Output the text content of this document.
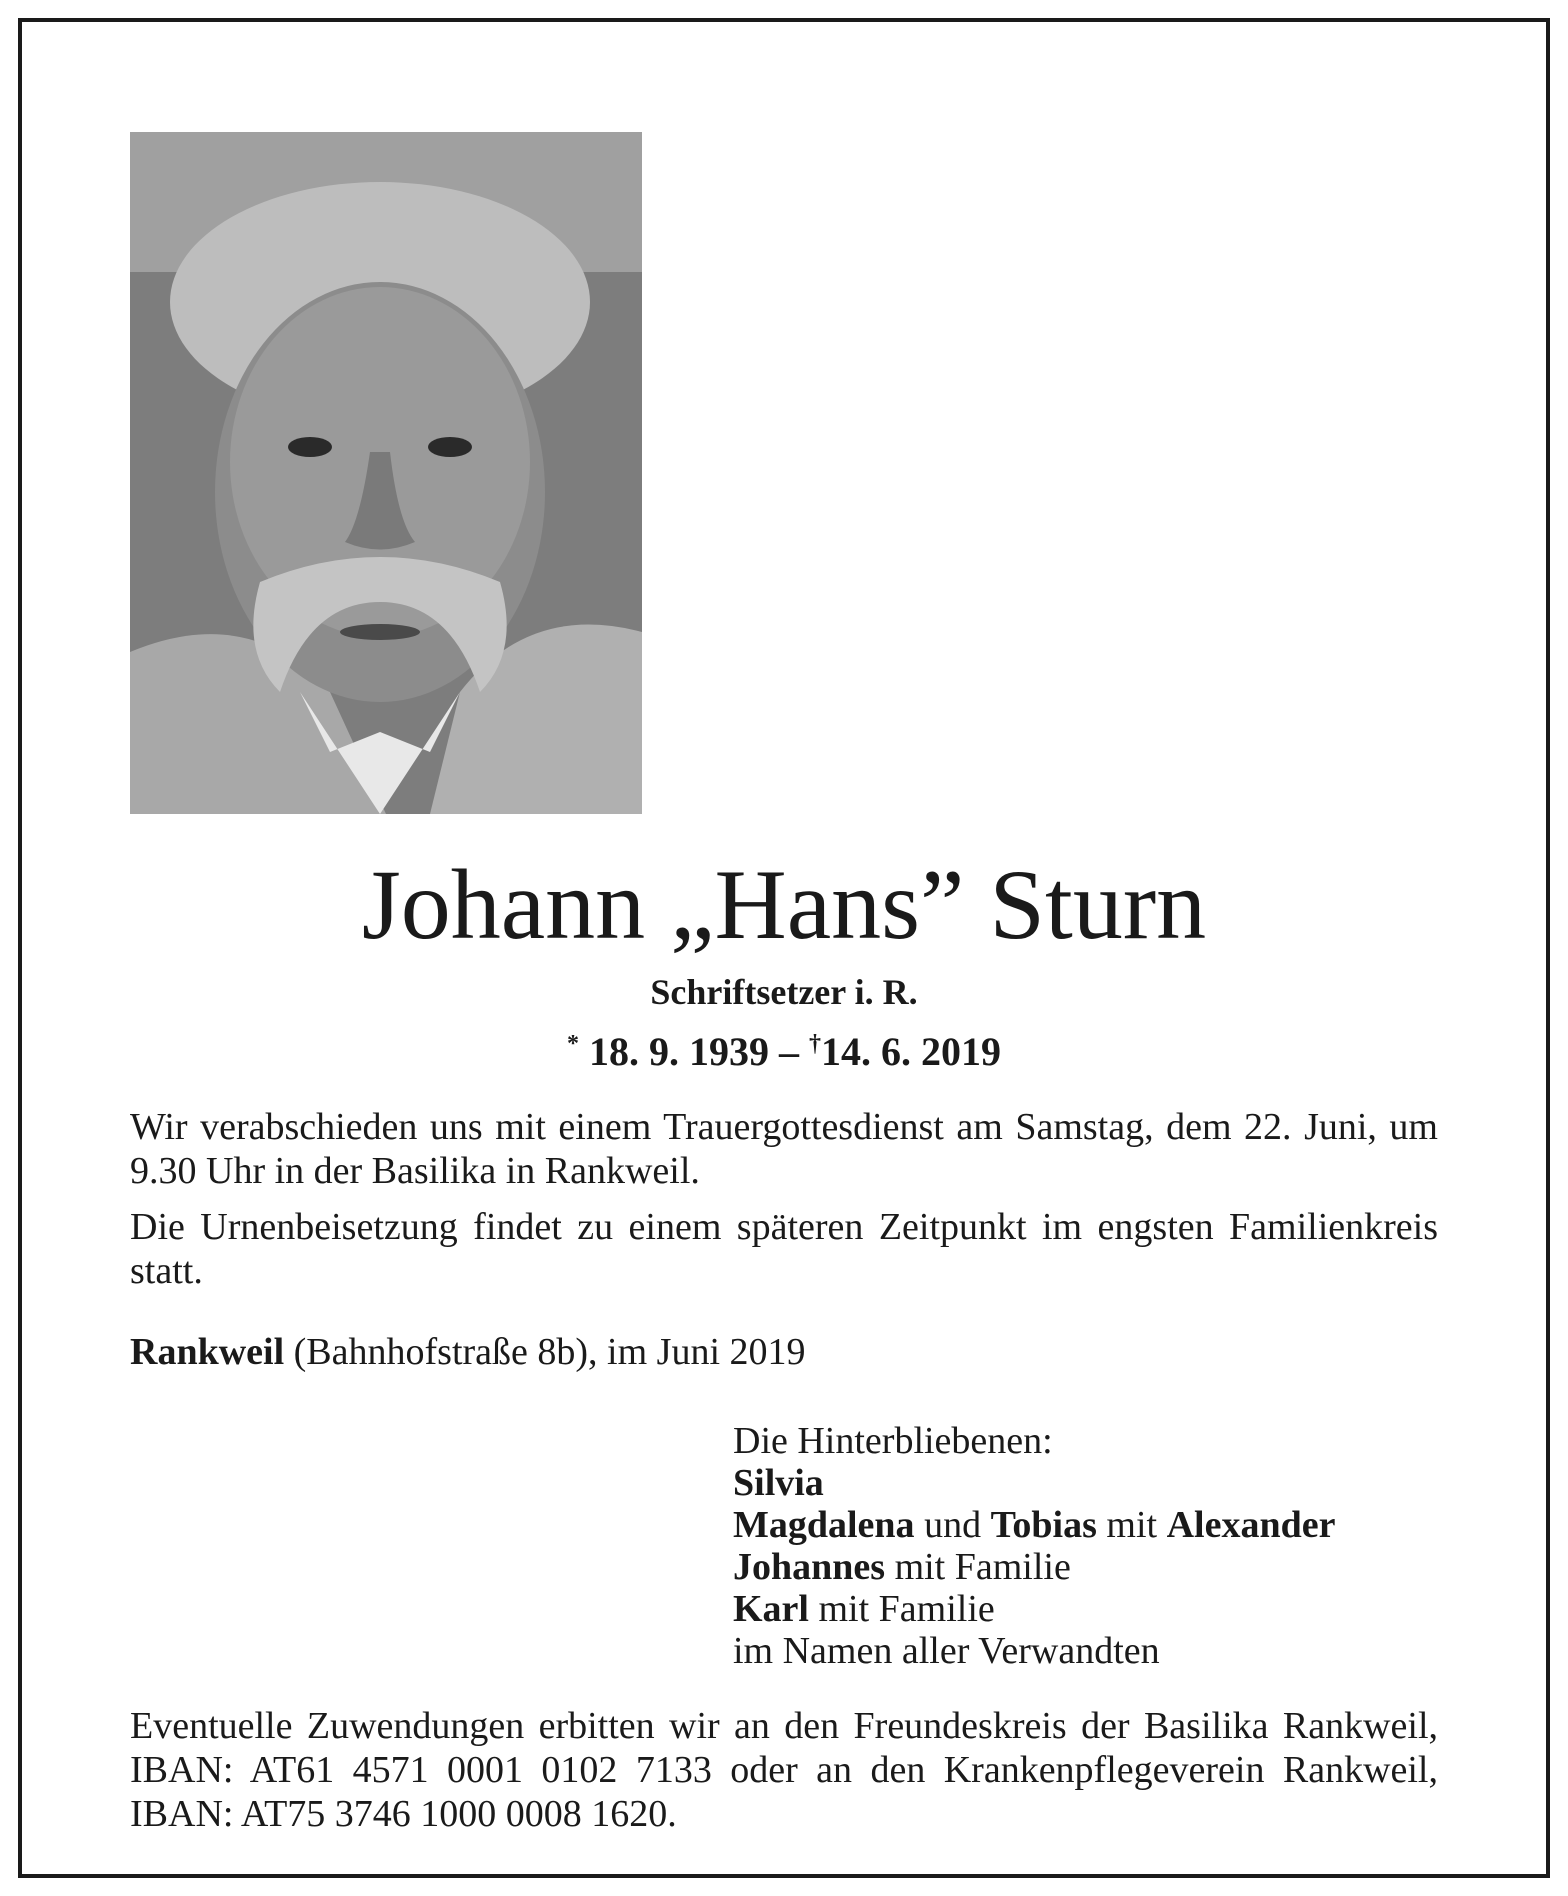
Johann „Hans” Sturn
Schriftsetzer i. R.
* 18. 9. 1939 – †14. 6. 2019
Wir verabschieden uns mit einem Trauergottesdienst am Samstag, dem 22. Juni, um 9.30 Uhr in der Basilika in Rankweil.
Die Urnenbeisetzung findet zu einem späteren Zeitpunkt im engsten Familienkreis statt.
Rankweil (Bahnhofstraße 8b), im Juni 2019
Die Hinterbliebenen:
Silvia
Magdalena und Tobias mit Alexander
Johannes mit Familie
Karl mit Familie
im Namen aller Verwandten
Eventuelle Zuwendungen erbitten wir an den Freundeskreis der Basilika Rankweil, IBAN: AT61 4571 0001 0102 7133 oder an den Krankenpflegeverein Rankweil, IBAN: AT75 3746 1000 0008 1620.
